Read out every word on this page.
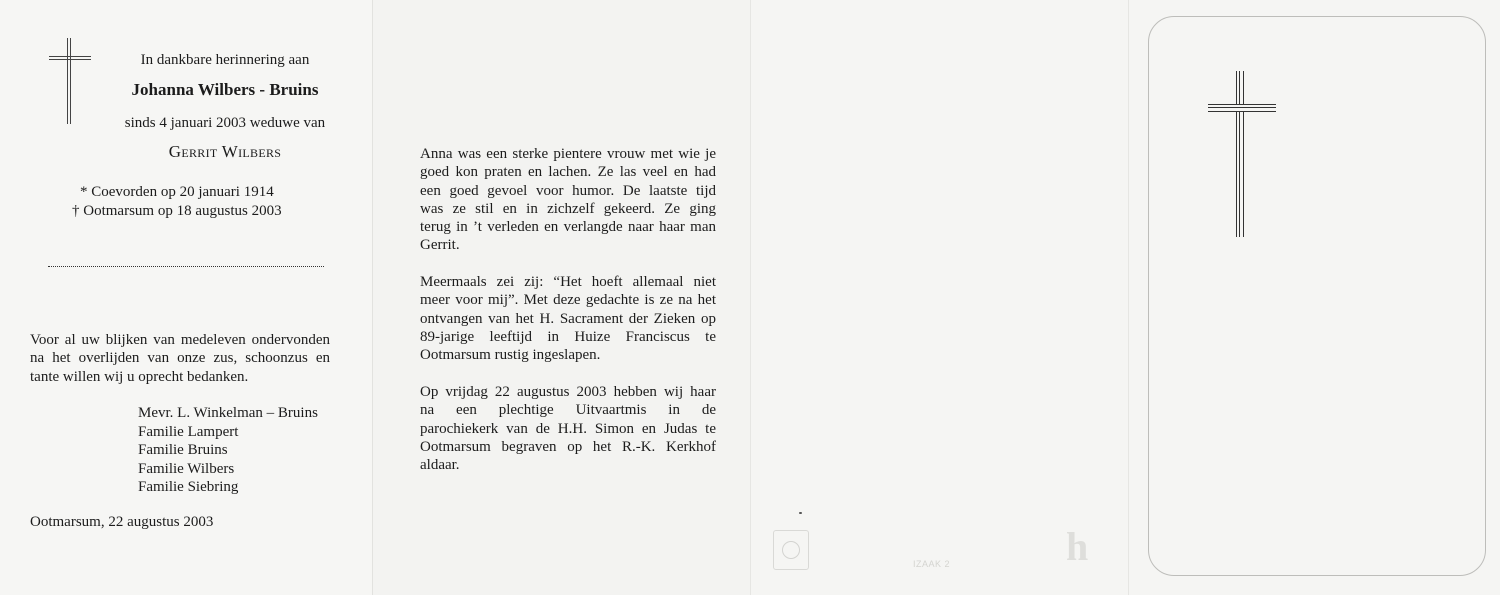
In dankbare herinnering aan
Johanna Wilbers - Bruins
sinds 4 januari 2003 weduwe van
Gerrit Wilbers
* Coevorden op 20 januari 1914
† Ootmarsum op 18 augustus 2003
Voor al uw blijken van medeleven ondervonden
na het overlijden van onze zus, schoonzus en
tante willen wij u oprecht bedanken.
Mevr. L. Winkelman – Bruins
Familie Lampert
Familie Bruins
Familie Wilbers
Familie Siebring
Ootmarsum, 22 augustus 2003
Anna was een sterke pientere vrouw met wie je
goed kon praten en lachen. Ze las veel en had
een goed gevoel voor humor. De laatste tijd
was ze stil en in zichzelf gekeerd. Ze ging
terug in ’t verleden en verlangde naar haar man
Gerrit.
Meermaals zei zij: “Het hoeft allemaal niet
meer voor mij”. Met deze gedachte is ze na het
ontvangen van het H. Sacrament der Zieken op
89-jarige leeftijd in Huize Franciscus te
Ootmarsum rustig ingeslapen.
Op vrijdag 22 augustus 2003 hebben wij haar
na een plechtige Uitvaartmis in de
parochiekerk van de H.H. Simon en Judas te
Ootmarsum begraven op het R.-K. Kerkhof
aldaar.
IZAAK 2	h
